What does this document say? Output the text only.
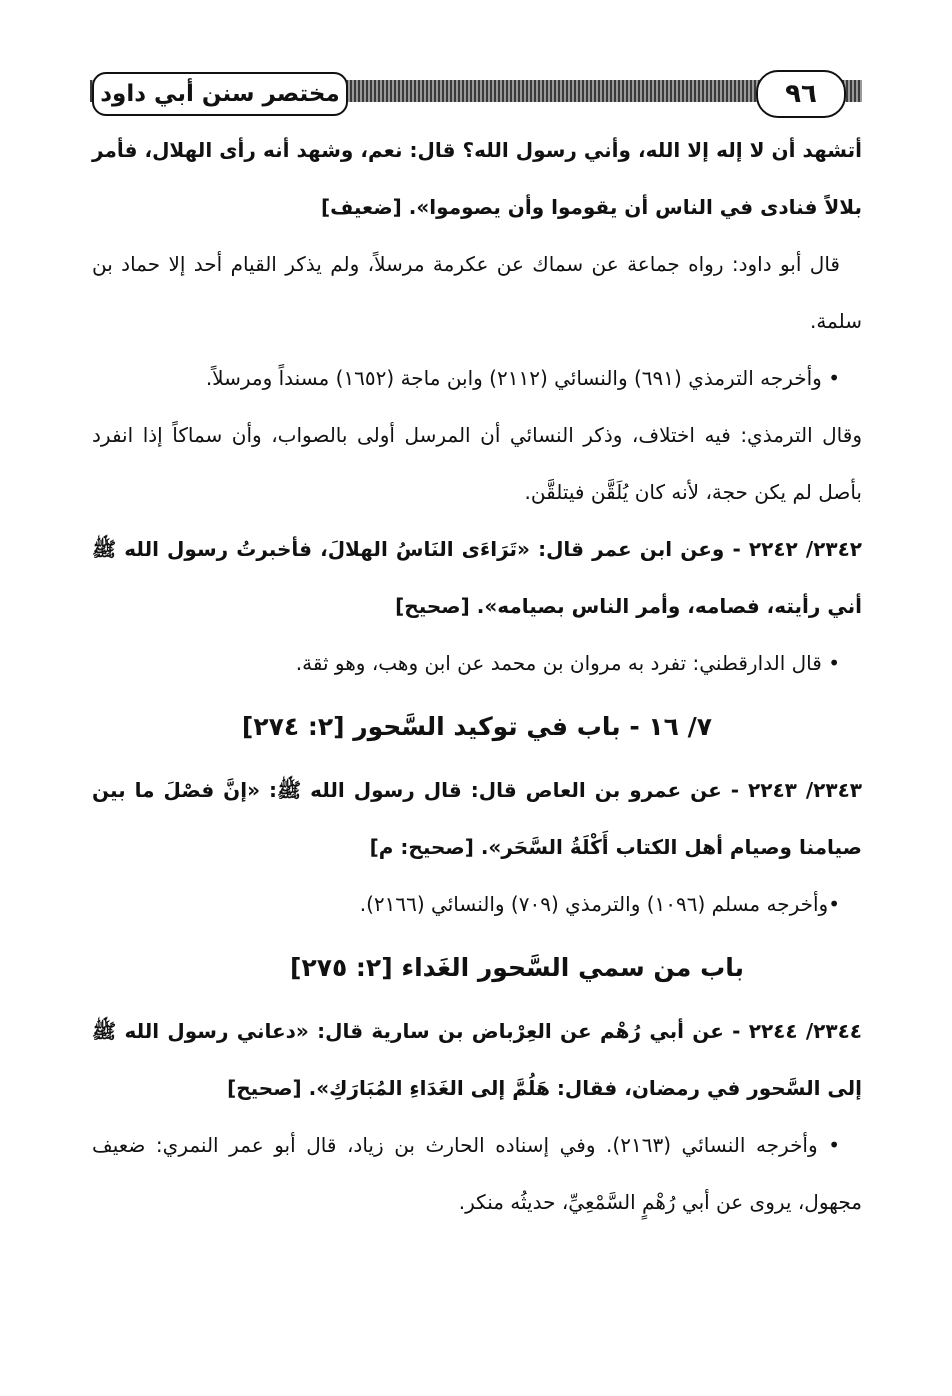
مختصر سنن أبي داود	٩٦

أتشهد أن لا إله إلا الله، وأني رسول الله؟ قال: نعم، وشهد أنه رأى الهلال، فأمر بلالاً فنادى في الناس أن يقوموا وأن يصوموا». [ضعيف]

قال أبو داود: رواه جماعة عن سماك عن عكرمة مرسلاً، ولم يذكر القيام أحد إلا حماد بن سلمة.

• وأخرجه الترمذي (٦٩١) والنسائي (٢١١٢) وابن ماجة (١٦٥٢) مسنداً ومرسلاً.

وقال الترمذي: فيه اختلاف، وذكر النسائي أن المرسل أولى بالصواب، وأن سماكاً إذا انفرد بأصل لم يكن حجة، لأنه كان يُلَقَّن فيتلقَّن.

٢٣٤٢/ ٢٢٤٢ - وعن ابن عمر قال: «تَرَاءَى النَاسُ الهلالَ، فأخبرتُ رسول الله ﷺ أني رأيته، فصامه، وأمر الناس بصيامه». [صحيح]

• قال الدارقطني: تفرد به مروان بن محمد عن ابن وهب، وهو ثقة.

٧/ ١٦ - باب في توكيد السَّحور [٢: ٢٧٤]

٢٣٤٣/ ٢٢٤٣ - عن عمرو بن العاص قال: قال رسول الله ﷺ: «إنَّ فصْلَ ما بين صيامنا وصيام أهل الكتاب أَكْلَةُ السَّحَر». [صحيح: م]

•وأخرجه مسلم (١٠٩٦) والترمذي (٧٠٩) والنسائي (٢١٦٦).

باب من سمي السَّحور الغَداء [٢: ٢٧٥]

٢٣٤٤/ ٢٢٤٤ - عن أبي رُهْم عن العِرْباض بن سارية قال: «دعاني رسول الله ﷺ إلى السَّحور في رمضان، فقال: هَلُمَّ إلى الغَدَاءِ المُبَارَكِ». [صحيح]

• وأخرجه النسائي (٢١٦٣). وفي إسناده الحارث بن زياد، قال أبو عمر النمري: ضعيف مجهول، يروى عن أبي رُهْمٍ السَّمْعِيِّ، حديثُه منكر.
